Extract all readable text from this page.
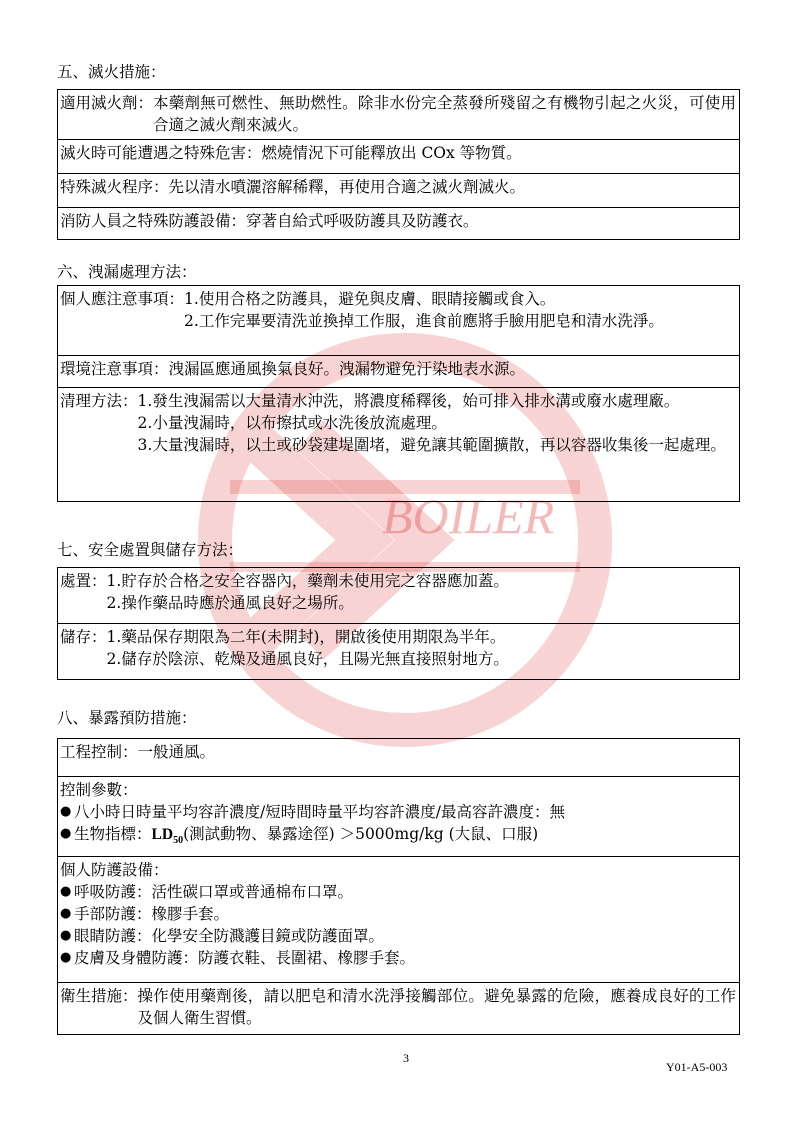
BOILER
五、滅火措施：
適用滅火劑： 本藥劑無可燃性、無助燃性。除非水份完全蒸發所殘留之有機物引起之火災，可使用合適之滅火劑來滅火。

滅火時可能遭遇之特殊危害： 燃燒情況下可能釋放出 COx 等物質。

特殊滅火程序： 先以清水噴灑溶解稀釋，再使用合適之滅火劑滅火。

消防人員之特殊防護設備： 穿著自給式呼吸防護具及防護衣。
六、洩漏處理方法：
個人應注意事項： 1. 使用合格之防護具，避免與皮膚、眼睛接觸或食入。
2. 工作完畢要清洗並換掉工作服，進食前應將手臉用肥皂和清水洗淨。

環境注意事項： 洩漏區應通風換氣良好。洩漏物避免汙染地表水源。

清理方法： 1. 發生洩漏需以大量清水沖洗，將濃度稀釋後，始可排入排水溝或廢水處理廠。
2. 小量洩漏時，以布擦拭或水洗後放流處理。
3. 大量洩漏時，以土或砂袋建堤圍堵，避免讓其範圍擴散，再以容器收集後一起處理。
七、安全處置與儲存方法：
處置： 1. 貯存於合格之安全容器內，藥劑未使用完之容器應加蓋。
2. 操作藥品時應於通風良好之場所。

儲存： 1. 藥品保存期限為二年(未開封)，開啟後使用期限為半年。
2. 儲存於陰涼、乾燥及通風良好，且陽光無直接照射地方。
八、暴露預防措施：
工程控制：一般通風。

控制參數：
● 八小時日時量平均容許濃度/短時間時量平均容許濃度/最高容許濃度：無
● 生物指標：$LD_{50}$(測試動物、暴露途徑) ＞5000mg/kg (大鼠、口服)

個人防護設備：
● 呼吸防護：活性碳口罩或普通棉布口罩。
● 手部防護：橡膠手套。
● 眼睛防護：化學安全防濺護目鏡或防護面罩。
● 皮膚及身體防護：防護衣鞋、長圍裙、橡膠手套。

衛生措施： 操作使用藥劑後，請以肥皂和清水洗淨接觸部位。避免暴露的危險，應養成良好的工作及個人衛生習慣。
3
Y01-A5-003
